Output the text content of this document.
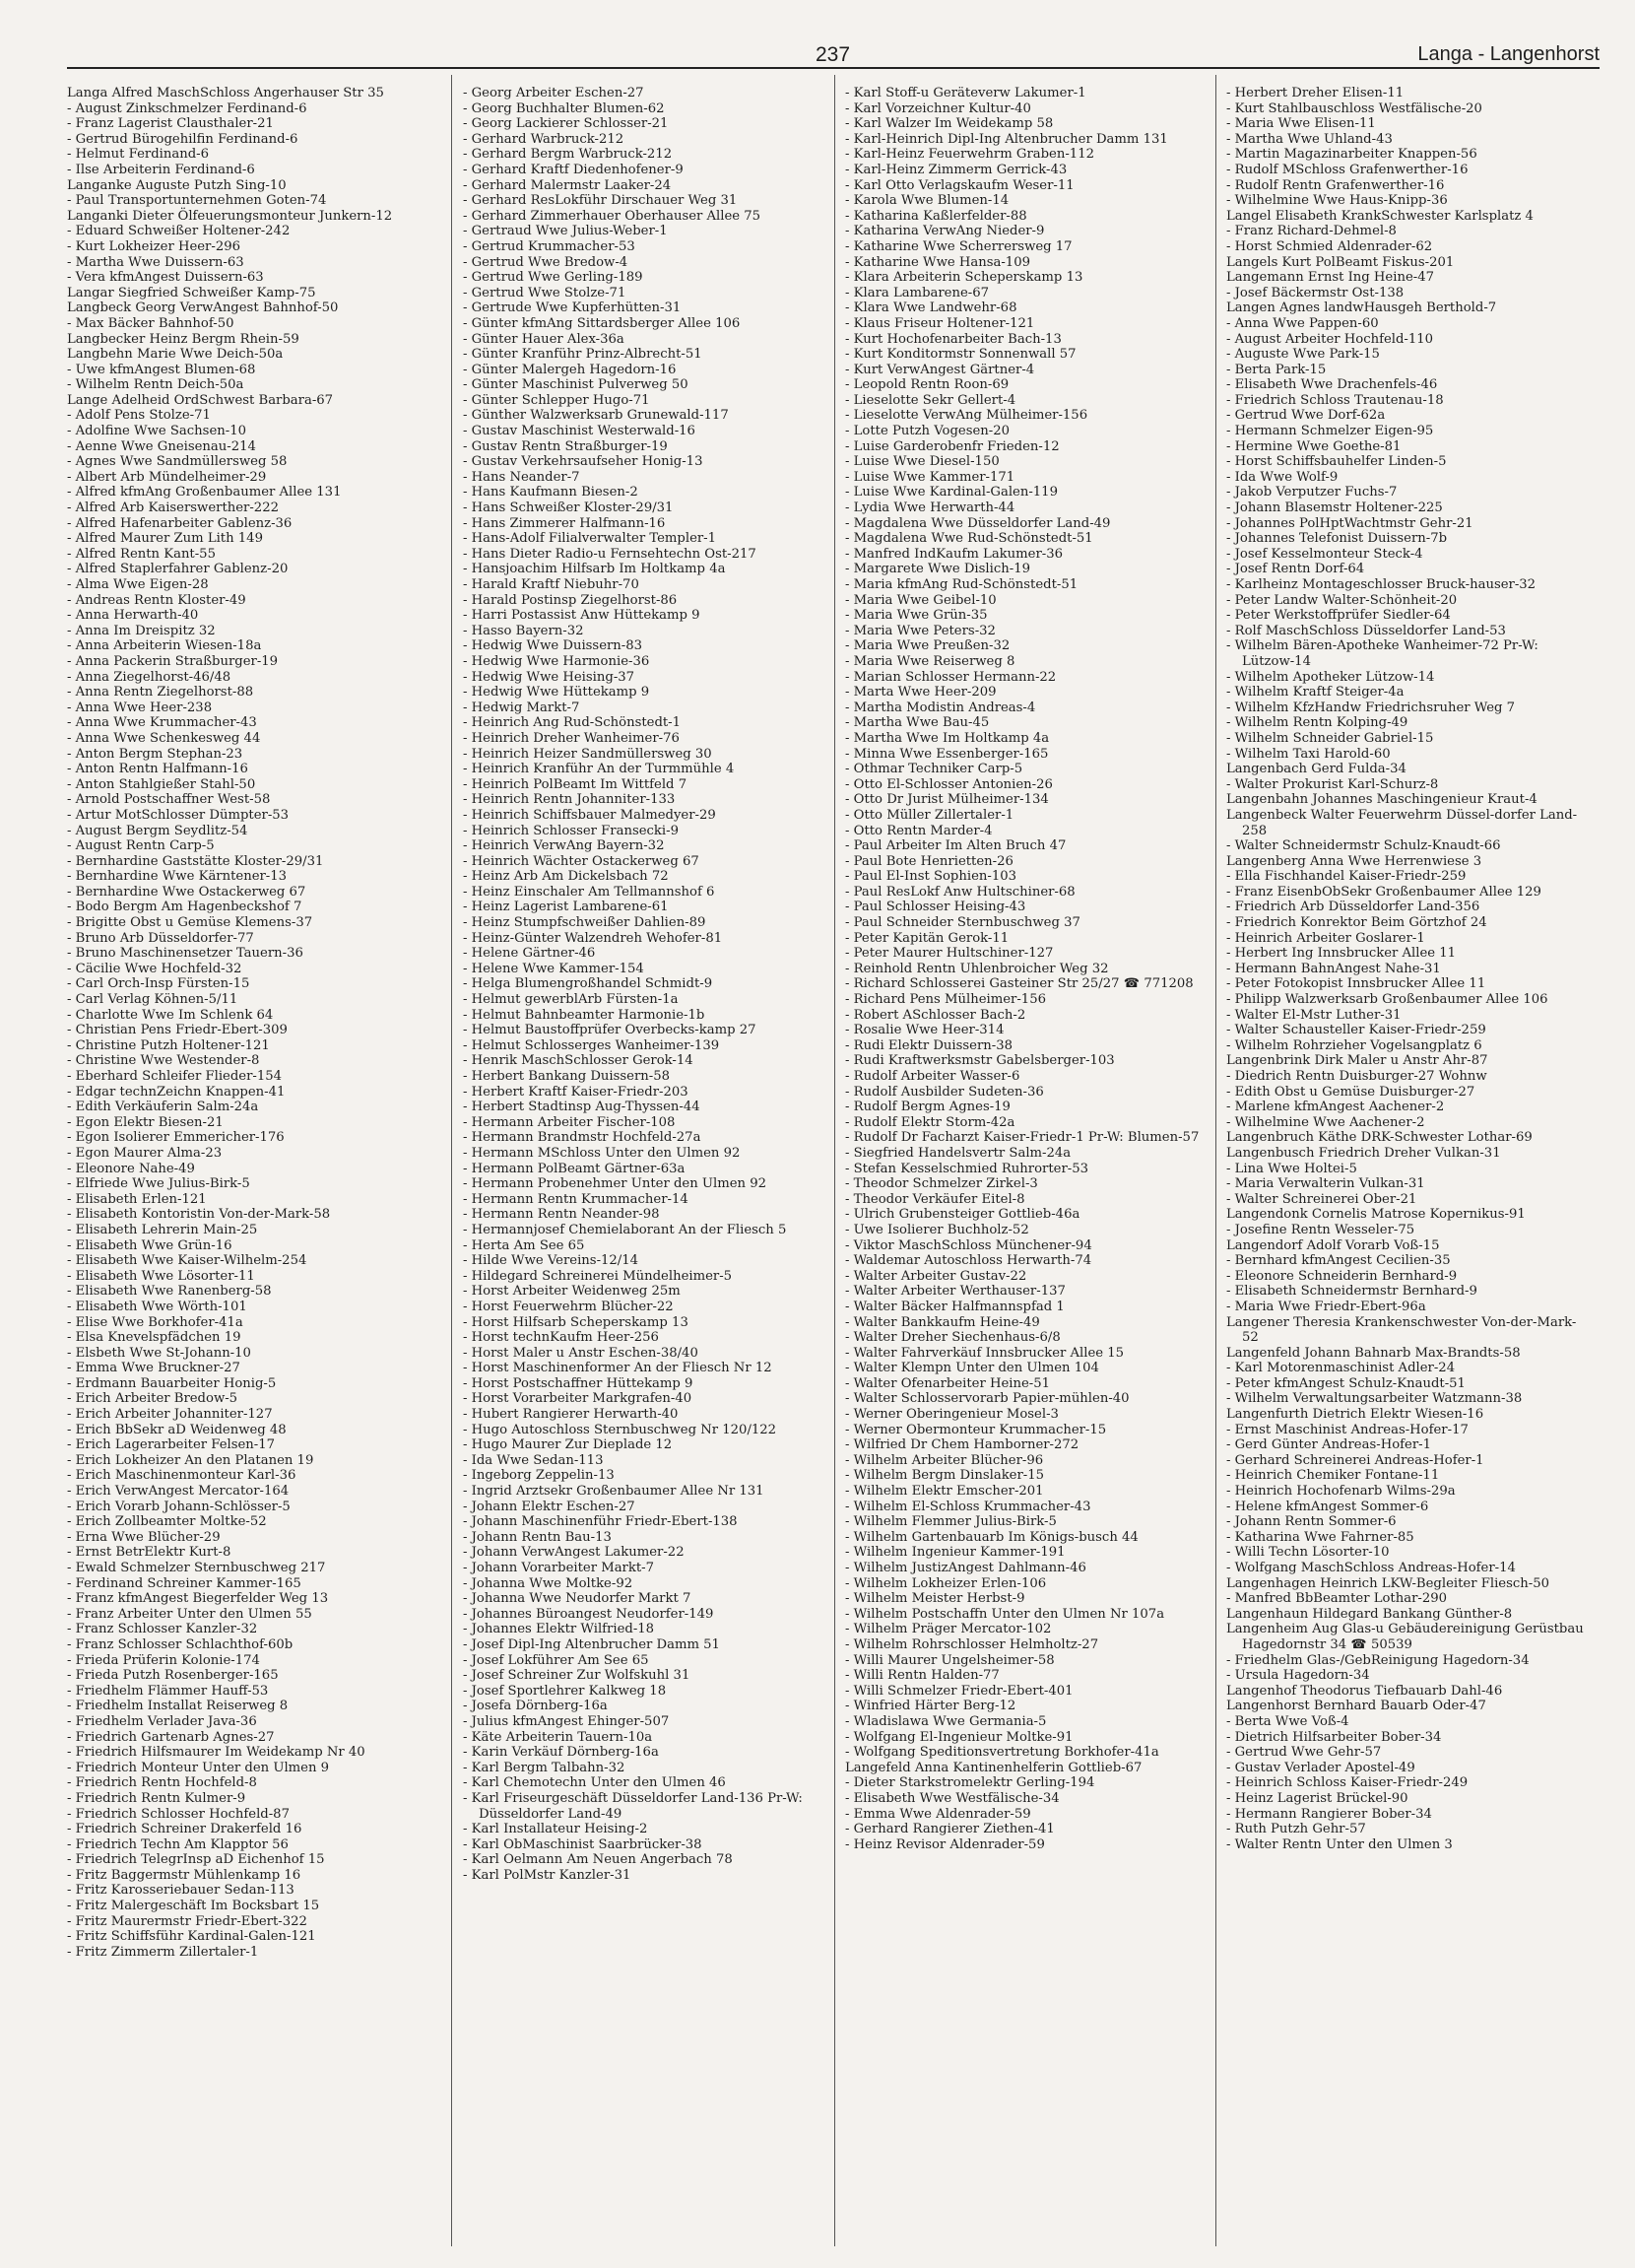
237	Langa - Langenhorst

Langa Alfred MaschSchloss Angerhauser Str 35

- August Zinkschmelzer Ferdinand-6

- Franz Lagerist Clausthaler-21

- Gertrud Bürogehilfin Ferdinand-6

- Helmut Ferdinand-6

- Ilse Arbeiterin Ferdinand-6

Langanke Auguste Putzh Sing-10

- Paul Transportunternehmen Goten-74

Langanki Dieter Ölfeuerungsmonteur Junkern-12

- Eduard Schweißer Holtener-242

- Kurt Lokheizer Heer-296

- Martha Wwe Duissern-63

- Vera kfmAngest Duissern-63

Langar Siegfried Schweißer Kamp-75

Langbeck Georg VerwAngest Bahnhof-50

- Max Bäcker Bahnhof-50

Langbecker Heinz Bergm Rhein-59

Langbehn Marie Wwe Deich-50a

- Uwe kfmAngest Blumen-68

- Wilhelm Rentn Deich-50a

Lange Adelheid OrdSchwest Barbara-67

- Adolf Pens Stolze-71

- Adolfine Wwe Sachsen-10

- Aenne Wwe Gneisenau-214

- Agnes Wwe Sandmüllersweg 58

- Albert Arb Mündelheimer-29

- Alfred kfmAng Großenbaumer Allee 131

- Alfred Arb Kaiserswerther-222

- Alfred Hafenarbeiter Gablenz-36

- Alfred Maurer Zum Lith 149

- Alfred Rentn Kant-55

- Alfred Staplerfahrer Gablenz-20

- Alma Wwe Eigen-28

- Andreas Rentn Kloster-49

- Anna Herwarth-40

- Anna Im Dreispitz 32

- Anna Arbeiterin Wiesen-18a

- Anna Packerin Straßburger-19

- Anna Ziegelhorst-46/48

- Anna Rentn Ziegelhorst-88

- Anna Wwe Heer-238

- Anna Wwe Krummacher-43

- Anna Wwe Schenkesweg 44

- Anton Bergm Stephan-23

- Anton Rentn Halfmann-16

- Anton Stahlgießer Stahl-50

- Arnold Postschaffner West-58

- Artur MotSchlosser Dümpter-53

- August Bergm Seydlitz-54

- August Rentn Carp-5

- Bernhardine Gaststätte Kloster-29/31

- Bernhardine Wwe Kärntener-13

- Bernhardine Wwe Ostackerweg 67

- Bodo Bergm Am Hagenbeckshof 7

- Brigitte Obst u Gemüse Klemens-37

- Bruno Arb Düsseldorfer-77

- Bruno Maschinensetzer Tauern-36

- Cäcilie Wwe Hochfeld-32

- Carl Orch-Insp Fürsten-15

- Carl Verlag Köhnen-5/11

- Charlotte Wwe Im Schlenk 64

- Christian Pens Friedr-Ebert-309

- Christine Putzh Holtener-121

- Christine Wwe Westender-8

- Eberhard Schleifer Flieder-154

- Edgar technZeichn Knappen-41

- Edith Verkäuferin Salm-24a

- Egon Elektr Biesen-21

- Egon Isolierer Emmericher-176

- Egon Maurer Alma-23

- Eleonore Nahe-49

- Elfriede Wwe Julius-Birk-5

- Elisabeth Erlen-121

- Elisabeth Kontoristin Von-der-Mark-58

- Elisabeth Lehrerin Main-25

- Elisabeth Wwe Grün-16

- Elisabeth Wwe Kaiser-Wilhelm-254

- Elisabeth Wwe Lösorter-11

- Elisabeth Wwe Ranenberg-58

- Elisabeth Wwe Wörth-101

- Elise Wwe Borkhofer-41a

- Elsa Knevelspfädchen 19

- Elsbeth Wwe St-Johann-10

- Emma Wwe Bruckner-27

- Erdmann Bauarbeiter Honig-5

- Erich Arbeiter Bredow-5

- Erich Arbeiter Johanniter-127

- Erich BbSekr aD Weidenweg 48

- Erich Lagerarbeiter Felsen-17

- Erich Lokheizer An den Platanen 19

- Erich Maschinenmonteur Karl-36

- Erich VerwAngest Mercator-164

- Erich Vorarb Johann-Schlösser-5

- Erich Zollbeamter Moltke-52

- Erna Wwe Blücher-29

- Ernst BetrElektr Kurt-8

- Ewald Schmelzer Sternbuschweg 217

- Ferdinand Schreiner Kammer-165

- Franz kfmAngest Biegerfelder Weg 13

- Franz Arbeiter Unter den Ulmen 55

- Franz Schlosser Kanzler-32

- Franz Schlosser Schlachthof-60b

- Frieda Prüferin Kolonie-174

- Frieda Putzh Rosenberger-165

- Friedhelm Flämmer Hauff-53

- Friedhelm Installat Reiserweg 8

- Friedhelm Verlader Java-36

- Friedrich Gartenarb Agnes-27

- Friedrich Hilfsmaurer Im Weidekamp Nr 40

- Friedrich Monteur Unter den Ulmen 9

- Friedrich Rentn Hochfeld-8

- Friedrich Rentn Kulmer-9

- Friedrich Schlosser Hochfeld-87

- Friedrich Schreiner Drakerfeld 16

- Friedrich Techn Am Klapptor 56

- Friedrich TelegrInsp aD Eichenhof 15

- Fritz Baggermstr Mühlenkamp 16

- Fritz Karosseriebauer Sedan-113

- Fritz Malergeschäft Im Bocksbart 15

- Fritz Maurermstr Friedr-Ebert-322

- Fritz Schiffsführ Kardinal-Galen-121

- Fritz Zimmerm Zillertaler-1

- Georg Arbeiter Eschen-27

- Georg Buchhalter Blumen-62

- Georg Lackierer Schlosser-21

- Gerhard Warbruck-212

- Gerhard Bergm Warbruck-212

- Gerhard Kraftf Diedenhofener-9

- Gerhard Malermstr Laaker-24

- Gerhard ResLokführ Dirschauer Weg 31

- Gerhard Zimmerhauer Oberhauser Allee 75

- Gertraud Wwe Julius-Weber-1

- Gertrud Krummacher-53

- Gertrud Wwe Bredow-4

- Gertrud Wwe Gerling-189

- Gertrud Wwe Stolze-71

- Gertrude Wwe Kupferhütten-31

- Günter kfmAng Sittardsberger Allee 106

- Günter Hauer Alex-36a

- Günter Kranführ Prinz-Albrecht-51

- Günter Malergeh Hagedorn-16

- Günter Maschinist Pulverweg 50

- Günter Schlepper Hugo-71

- Günther Walzwerksarb Grunewald-117

- Gustav Maschinist Westerwald-16

- Gustav Rentn Straßburger-19

- Gustav Verkehrsaufseher Honig-13

- Hans Neander-7

- Hans Kaufmann Biesen-2

- Hans Schweißer Kloster-29/31

- Hans Zimmerer Halfmann-16

- Hans-Adolf Filialverwalter Templer-1

- Hans Dieter Radio-u Fernsehtechn Ost-217

- Hansjoachim Hilfsarb Im Holtkamp 4a

- Harald Kraftf Niebuhr-70

- Harald Postinsp Ziegelhorst-86

- Harri Postassist Anw Hüttekamp 9

- Hasso Bayern-32

- Hedwig Wwe Duissern-83

- Hedwig Wwe Harmonie-36

- Hedwig Wwe Heising-37

- Hedwig Wwe Hüttekamp 9

- Hedwig Markt-7

- Heinrich Ang Rud-Schönstedt-1

- Heinrich Dreher Wanheimer-76

- Heinrich Heizer Sandmüllersweg 30

- Heinrich Kranführ An der Turmmühle 4

- Heinrich PolBeamt Im Wittfeld 7

- Heinrich Rentn Johanniter-133

- Heinrich Schiffsbauer Malmedyer-29

- Heinrich Schlosser Fransecki-9

- Heinrich VerwAng Bayern-32

- Heinrich Wächter Ostackerweg 67

- Heinz Arb Am Dickelsbach 72

- Heinz Einschaler Am Tellmannshof 6

- Heinz Lagerist Lambarene-61

- Heinz Stumpfschweißer Dahlien-89

- Heinz-Günter Walzendreh Wehofer-81

- Helene Gärtner-46

- Helene Wwe Kammer-154

- Helga Blumengroßhandel Schmidt-9

- Helmut gewerblArb Fürsten-1a

- Helmut Bahnbeamter Harmonie-1b

- Helmut Baustoffprüfer Overbecks-kamp 27

- Helmut Schlosserges Wanheimer-139

- Henrik MaschSchlosser Gerok-14

- Herbert Bankang Duissern-58

- Herbert Kraftf Kaiser-Friedr-203

- Herbert Stadtinsp Aug-Thyssen-44

- Hermann Arbeiter Fischer-108

- Hermann Brandmstr Hochfeld-27a

- Hermann MSchloss Unter den Ulmen 92

- Hermann PolBeamt Gärtner-63a

- Hermann Probenehmer Unter den Ulmen 92

- Hermann Rentn Krummacher-14

- Hermann Rentn Neander-98

- Hermannjosef Chemielaborant An der Fliesch 5

- Herta Am See 65

- Hilde Wwe Vereins-12/14

- Hildegard Schreinerei Mündelheimer-5

- Horst Arbeiter Weidenweg 25m

- Horst Feuerwehrm Blücher-22

- Horst Hilfsarb Scheperskamp 13

- Horst technKaufm Heer-256

- Horst Maler u Anstr Eschen-38/40

- Horst Maschinenformer An der Fliesch Nr 12

- Horst Postschaffner Hüttekamp 9

- Horst Vorarbeiter Markgrafen-40

- Hubert Rangierer Herwarth-40

- Hugo Autoschloss Sternbuschweg Nr 120/122

- Hugo Maurer Zur Dieplade 12

- Ida Wwe Sedan-113

- Ingeborg Zeppelin-13

- Ingrid Arztsekr Großenbaumer Allee Nr 131

- Johann Elektr Eschen-27

- Johann Maschinenführ Friedr-Ebert-138

- Johann Rentn Bau-13

- Johann VerwAngest Lakumer-22

- Johann Vorarbeiter Markt-7

- Johanna Wwe Moltke-92

- Johanna Wwe Neudorfer Markt 7

- Johannes Büroangest Neudorfer-149

- Johannes Elektr Wilfried-18

- Josef Dipl-Ing Altenbrucher Damm 51

- Josef Lokführer Am See 65

- Josef Schreiner Zur Wolfskuhl 31

- Josef Sportlehrer Kalkweg 18

- Josefa Dörnberg-16a

- Julius kfmAngest Ehinger-507

- Käte Arbeiterin Tauern-10a

- Karin Verkäuf Dörnberg-16a

- Karl Bergm Talbahn-32

- Karl Chemotechn Unter den Ulmen 46

- Karl Friseurgeschäft Düsseldorfer Land-136 Pr-W: Düsseldorfer Land-49

- Karl Installateur Heising-2

- Karl ObMaschinist Saarbrücker-38

- Karl Oelmann Am Neuen Angerbach 78

- Karl PolMstr Kanzler-31

- Karl Stoff-u Geräteverw Lakumer-1

- Karl Vorzeichner Kultur-40

- Karl Walzer Im Weidekamp 58

- Karl-Heinrich Dipl-Ing Altenbrucher Damm 131

- Karl-Heinz Feuerwehrm Graben-112

- Karl-Heinz Zimmerm Gerrick-43

- Karl Otto Verlagskaufm Weser-11

- Karola Wwe Blumen-14

- Katharina Kaßlerfelder-88

- Katharina VerwAng Nieder-9

- Katharine Wwe Scherrersweg 17

- Katharine Wwe Hansa-109

- Klara Arbeiterin Scheperskamp 13

- Klara Lambarene-67

- Klara Wwe Landwehr-68

- Klaus Friseur Holtener-121

- Kurt Hochofenarbeiter Bach-13

- Kurt Konditormstr Sonnenwall 57

- Kurt VerwAngest Gärtner-4

- Leopold Rentn Roon-69

- Lieselotte Sekr Gellert-4

- Lieselotte VerwAng Mülheimer-156

- Lotte Putzh Vogesen-20

- Luise Garderobenfr Frieden-12

- Luise Wwe Diesel-150

- Luise Wwe Kammer-171

- Luise Wwe Kardinal-Galen-119

- Lydia Wwe Herwarth-44

- Magdalena Wwe Düsseldorfer Land-49

- Magdalena Wwe Rud-Schönstedt-51

- Manfred IndKaufm Lakumer-36

- Margarete Wwe Dislich-19

- Maria kfmAng Rud-Schönstedt-51

- Maria Wwe Geibel-10

- Maria Wwe Grün-35

- Maria Wwe Peters-32

- Maria Wwe Preußen-32

- Maria Wwe Reiserweg 8

- Marian Schlosser Hermann-22

- Marta Wwe Heer-209

- Martha Modistin Andreas-4

- Martha Wwe Bau-45

- Martha Wwe Im Holtkamp 4a

- Minna Wwe Essenberger-165

- Othmar Techniker Carp-5

- Otto El-Schlosser Antonien-26

- Otto Dr Jurist Mülheimer-134

- Otto Müller Zillertaler-1

- Otto Rentn Marder-4

- Paul Arbeiter Im Alten Bruch 47

- Paul Bote Henrietten-26

- Paul El-Inst Sophien-103

- Paul ResLokf Anw Hultschiner-68

- Paul Schlosser Heising-43

- Paul Schneider Sternbuschweg 37

- Peter Kapitän Gerok-11

- Peter Maurer Hultschiner-127

- Reinhold Rentn Uhlenbroicher Weg 32

- Richard Schlosserei Gasteiner Str 25/27 ☎ 771208

- Richard Pens Mülheimer-156

- Robert ASchlosser Bach-2

- Rosalie Wwe Heer-314

- Rudi Elektr Duissern-38

- Rudi Kraftwerksmstr Gabelsberger-103

- Rudolf Arbeiter Wasser-6

- Rudolf Ausbilder Sudeten-36

- Rudolf Bergm Agnes-19

- Rudolf Elektr Storm-42a

- Rudolf Dr Facharzt Kaiser-Friedr-1 Pr-W: Blumen-57

- Siegfried Handelsvertr Salm-24a

- Stefan Kesselschmied Ruhrorter-53

- Theodor Schmelzer Zirkel-3

- Theodor Verkäufer Eitel-8

- Ulrich Grubensteiger Gottlieb-46a

- Uwe Isolierer Buchholz-52

- Viktor MaschSchloss Münchener-94

- Waldemar Autoschloss Herwarth-74

- Walter Arbeiter Gustav-22

- Walter Arbeiter Werthauser-137

- Walter Bäcker Halfmannspfad 1

- Walter Bankkaufm Heine-49

- Walter Dreher Siechenhaus-6/8

- Walter Fahrverkäuf Innsbrucker Allee 15

- Walter Klempn Unter den Ulmen 104

- Walter Ofenarbeiter Heine-51

- Walter Schlosservorarb Papier-mühlen-40

- Werner Oberingenieur Mosel-3

- Werner Obermonteur Krummacher-15

- Wilfried Dr Chem Hamborner-272

- Wilhelm Arbeiter Blücher-96

- Wilhelm Bergm Dinslaker-15

- Wilhelm Elektr Emscher-201

- Wilhelm El-Schloss Krummacher-43

- Wilhelm Flemmer Julius-Birk-5

- Wilhelm Gartenbauarb Im Königs-busch 44

- Wilhelm Ingenieur Kammer-191

- Wilhelm JustizAngest Dahlmann-46

- Wilhelm Lokheizer Erlen-106

- Wilhelm Meister Herbst-9

- Wilhelm Postschaffn Unter den Ulmen Nr 107a

- Wilhelm Präger Mercator-102

- Wilhelm Rohrschlosser Helmholtz-27

- Willi Maurer Ungelsheimer-58

- Willi Rentn Halden-77

- Willi Schmelzer Friedr-Ebert-401

- Winfried Härter Berg-12

- Wladislawa Wwe Germania-5

- Wolfgang El-Ingenieur Moltke-91

- Wolfgang Speditionsvertretung Borkhofer-41a

Langefeld Anna Kantinenhelferin Gottlieb-67

- Dieter Starkstromelektr Gerling-194

- Elisabeth Wwe Westfälische-34

- Emma Wwe Aldenrader-59

- Gerhard Rangierer Ziethen-41

- Heinz Revisor Aldenrader-59

- Herbert Dreher Elisen-11

- Kurt Stahlbauschloss Westfälische-20

- Maria Wwe Elisen-11

- Martha Wwe Uhland-43

- Martin Magazinarbeiter Knappen-56

- Rudolf MSchloss Grafenwerther-16

- Rudolf Rentn Grafenwerther-16

- Wilhelmine Wwe Haus-Knipp-36

Langel Elisabeth KrankSchwester Karlsplatz 4

- Franz Richard-Dehmel-8

- Horst Schmied Aldenrader-62

Langels Kurt PolBeamt Fiskus-201

Langemann Ernst Ing Heine-47

- Josef Bäckermstr Ost-138

Langen Agnes landwHausgeh Berthold-7

- Anna Wwe Pappen-60

- August Arbeiter Hochfeld-110

- Auguste Wwe Park-15

- Berta Park-15

- Elisabeth Wwe Drachenfels-46

- Friedrich Schloss Trautenau-18

- Gertrud Wwe Dorf-62a

- Hermann Schmelzer Eigen-95

- Hermine Wwe Goethe-81

- Horst Schiffsbauhelfer Linden-5

- Ida Wwe Wolf-9

- Jakob Verputzer Fuchs-7

- Johann Blasemstr Holtener-225

- Johannes PolHptWachtmstr Gehr-21

- Johannes Telefonist Duissern-7b

- Josef Kesselmonteur Steck-4

- Josef Rentn Dorf-64

- Karlheinz Montageschlosser Bruck-hauser-32

- Peter Landw Walter-Schönheit-20

- Peter Werkstoffprüfer Siedler-64

- Rolf MaschSchloss Düsseldorfer Land-53

- Wilhelm Bären-Apotheke Wanheimer-72 Pr-W: Lützow-14

- Wilhelm Apotheker Lützow-14

- Wilhelm Kraftf Steiger-4a

- Wilhelm KfzHandw Friedrichsruher Weg 7

- Wilhelm Rentn Kolping-49

- Wilhelm Schneider Gabriel-15

- Wilhelm Taxi Harold-60

Langenbach Gerd Fulda-34

- Walter Prokurist Karl-Schurz-8

Langenbahn Johannes Maschingenieur Kraut-4

Langenbeck Walter Feuerwehrm Düssel-dorfer Land-258

- Walter Schneidermstr Schulz-Knaudt-66

Langenberg Anna Wwe Herrenwiese 3

- Ella Fischhandel Kaiser-Friedr-259

- Franz EisenbObSekr Großenbaumer Allee 129

- Friedrich Arb Düsseldorfer Land-356

- Friedrich Konrektor Beim Görtzhof 24

- Heinrich Arbeiter Goslarer-1

- Herbert Ing Innsbrucker Allee 11

- Hermann BahnAngest Nahe-31

- Peter Fotokopist Innsbrucker Allee 11

- Philipp Walzwerksarb Großenbaumer Allee 106

- Walter El-Mstr Luther-31

- Walter Schausteller Kaiser-Friedr-259

- Wilhelm Rohrzieher Vogelsangplatz 6

Langenbrink Dirk Maler u Anstr Ahr-87

- Diedrich Rentn Duisburger-27 Wohnw

- Edith Obst u Gemüse Duisburger-27

- Marlene kfmAngest Aachener-2

- Wilhelmine Wwe Aachener-2

Langenbruch Käthe DRK-Schwester Lothar-69

Langenbusch Friedrich Dreher Vulkan-31

- Lina Wwe Holtei-5

- Maria Verwalterin Vulkan-31

- Walter Schreinerei Ober-21

Langendonk Cornelis Matrose Kopernikus-91

- Josefine Rentn Wesseler-75

Langendorf Adolf Vorarb Voß-15

- Bernhard kfmAngest Cecilien-35

- Eleonore Schneiderin Bernhard-9

- Elisabeth Schneidermstr Bernhard-9

- Maria Wwe Friedr-Ebert-96a

Langener Theresia Krankenschwester Von-der-Mark-52

Langenfeld Johann Bahnarb Max-Brandts-58

- Karl Motorenmaschinist Adler-24

- Peter kfmAngest Schulz-Knaudt-51

- Wilhelm Verwaltungsarbeiter Watzmann-38

Langenfurth Dietrich Elektr Wiesen-16

- Ernst Maschinist Andreas-Hofer-17

- Gerd Günter Andreas-Hofer-1

- Gerhard Schreinerei Andreas-Hofer-1

- Heinrich Chemiker Fontane-11

- Heinrich Hochofenarb Wilms-29a

- Helene kfmAngest Sommer-6

- Johann Rentn Sommer-6

- Katharina Wwe Fahrner-85

- Willi Techn Lösorter-10

- Wolfgang MaschSchloss Andreas-Hofer-14

Langenhagen Heinrich LKW-Begleiter Fliesch-50

- Manfred BbBeamter Lothar-290

Langenhaun Hildegard Bankang Günther-8

Langenheim Aug Glas-u Gebäudereinigung Gerüstbau Hagedornstr 34 ☎ 50539

- Friedhelm Glas-/GebReinigung Hagedorn-34

- Ursula Hagedorn-34

Langenhof Theodorus Tiefbauarb Dahl-46

Langenhorst Bernhard Bauarb Oder-47

- Berta Wwe Voß-4

- Dietrich Hilfsarbeiter Bober-34

- Gertrud Wwe Gehr-57

- Gustav Verlader Apostel-49

- Heinrich Schloss Kaiser-Friedr-249

- Heinz Lagerist Brückel-90

- Hermann Rangierer Bober-34

- Ruth Putzh Gehr-57

- Walter Rentn Unter den Ulmen 3
